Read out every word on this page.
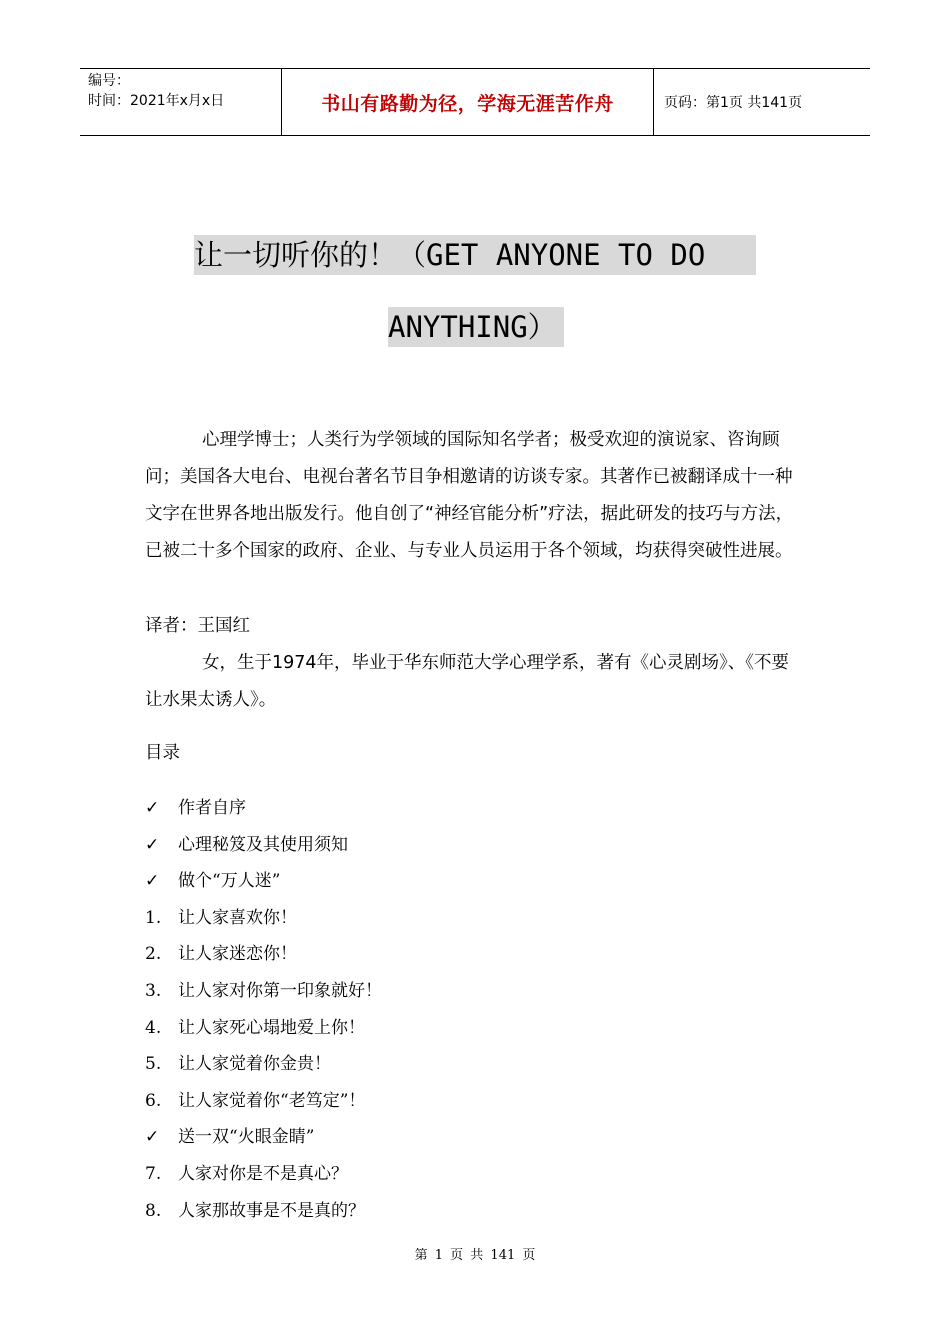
编号：
时间：2021年x月x日	书山有路勤为径，学海无涯苦作舟	页码：第1页 共141页
让一切听你的！（GET ANYONE TO DO
ANYTHING）
心理学博士；人类行为学领域的国际知名学者；极受欢迎的演说家、咨询顾问；美国各大电台、电视台著名节目争相邀请的访谈专家。其著作已被翻译成十一种文字在世界各地出版发行。他自创了“神经官能分析”疗法，据此研发的技巧与方法，已被二十多个国家的政府、企业、与专业人员运用于各个领域，均获得突破性进展。
译者：王国红
女，生于1974年，毕业于华东师范大学心理学系，著有《心灵剧场》、《不要让水果太诱人》。
目录
✓	作者自序
✓	心理秘笈及其使用须知
✓	做个“万人迷”
1. 让人家喜欢你！
2. 让人家迷恋你！
3. 让人家对你第一印象就好！
4. 让人家死心塌地爱上你！
5. 让人家觉着你金贵！
6. 让人家觉着你“老笃定”！
✓	送一双“火眼金睛”
7. 人家对你是不是真心？
8. 人家那故事是不是真的？
第 1 页 共 141 页
